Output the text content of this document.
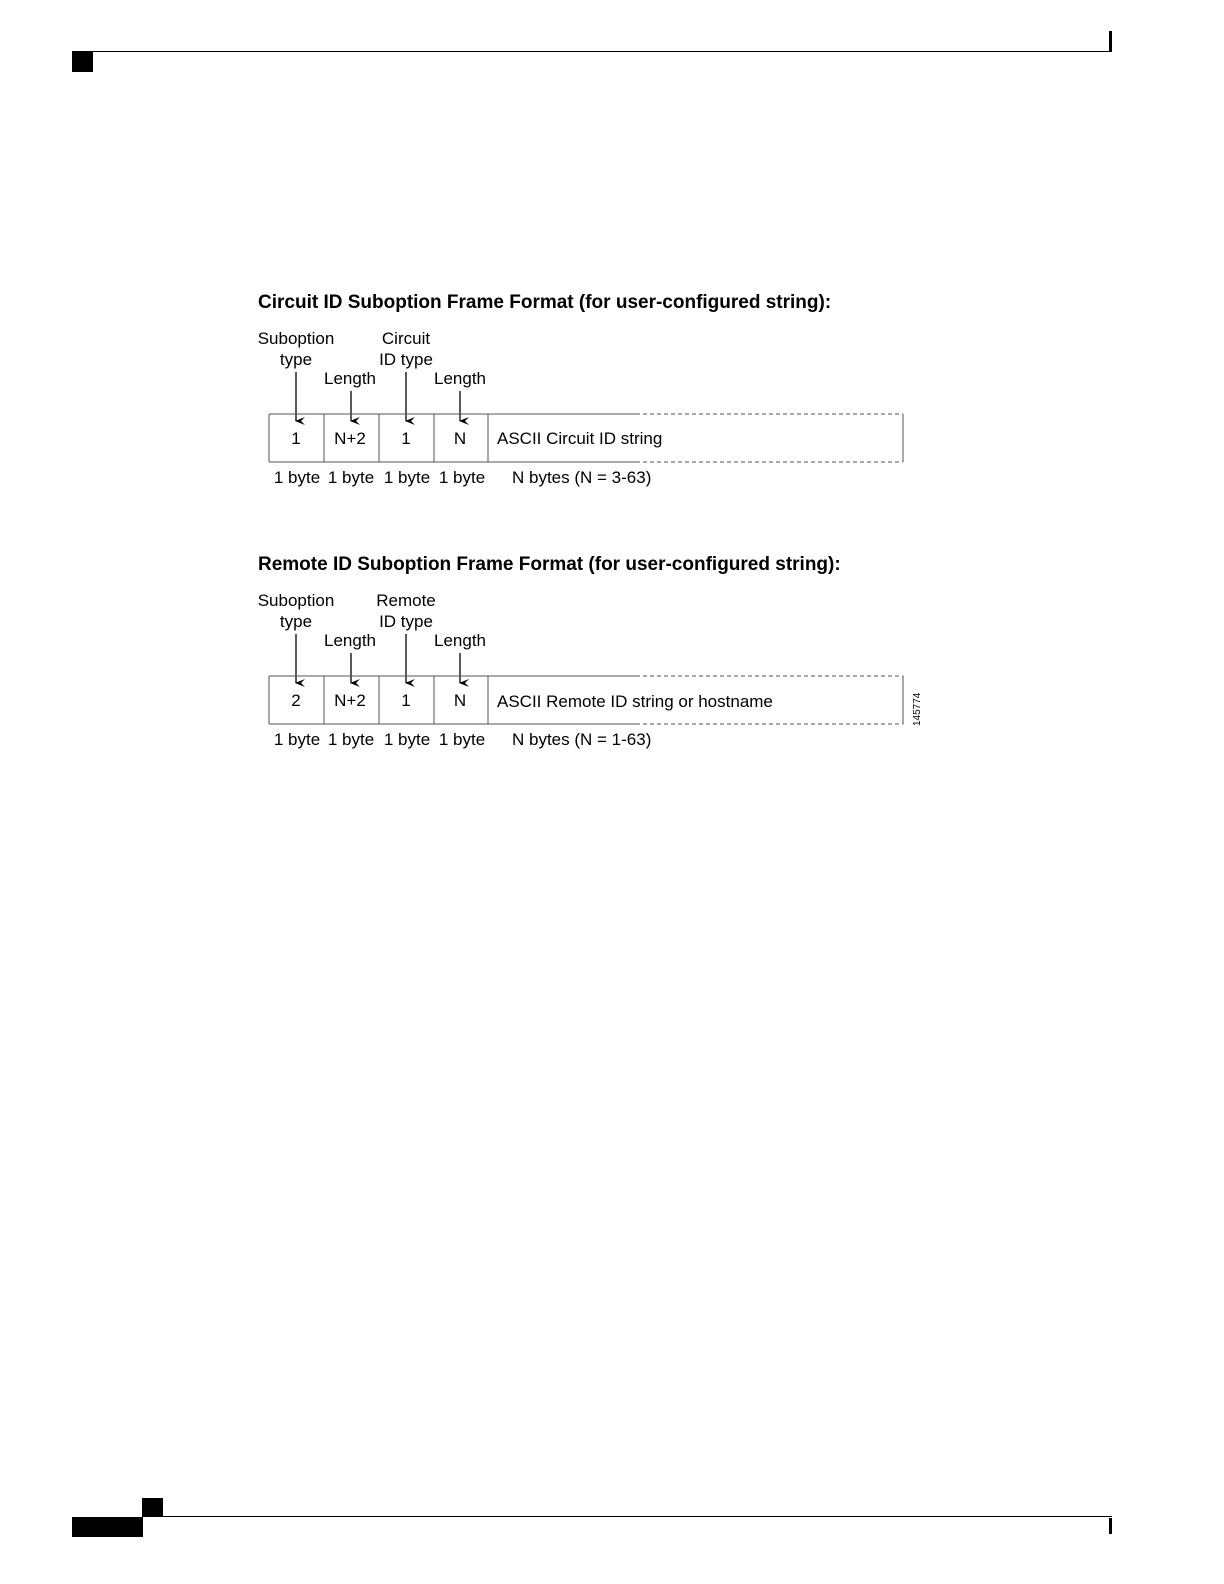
Circuit ID Suboption Frame Format (for user-configured string):
Suboption
type
Length
Circuit
ID type
Length
1 N+2 1	N ASCII Circuit ID string
1 byte 1 byte 1 byte 1 byte N bytes (N = 3-63)
Remote ID Suboption Frame Format (for user-configured string):
Suboption
type
Length
Remote
ID type
Length
2 N+2 1	N ASCII Remote ID string or hostname
1 byte 1 byte 1 byte 1 byte N bytes (N = 1-63)
145774
